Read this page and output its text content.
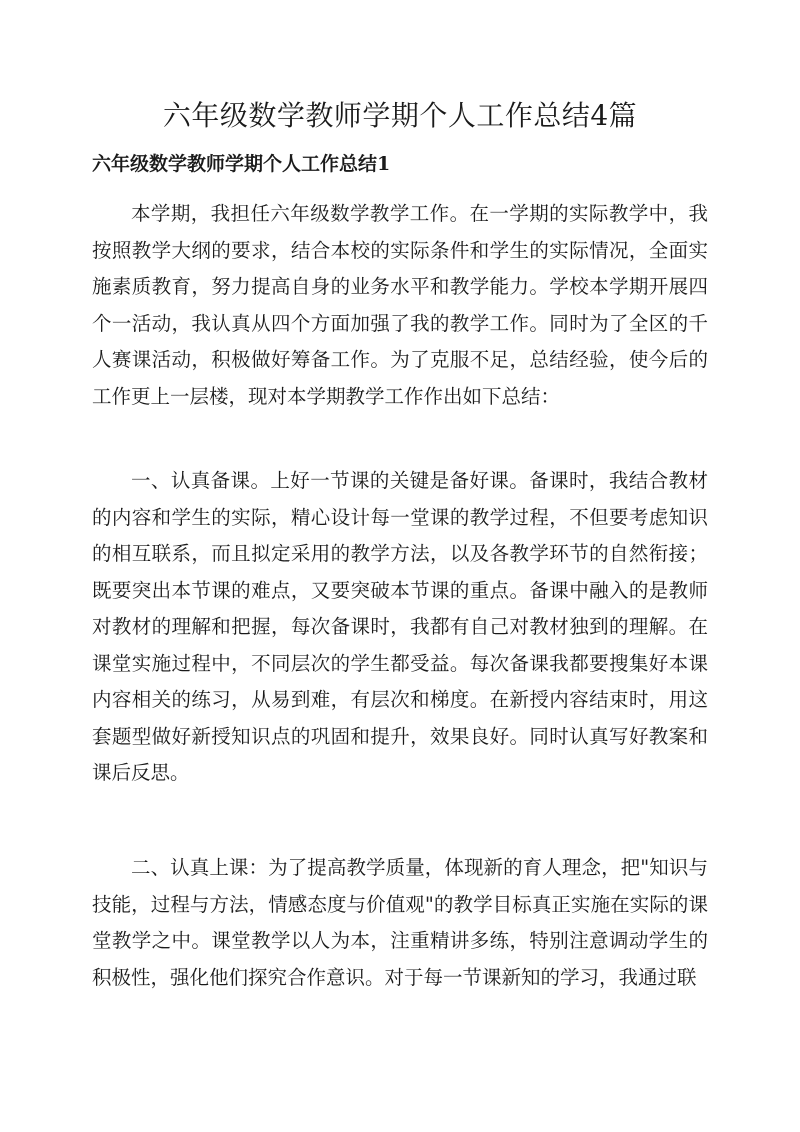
六年级数学教师学期个人工作总结4篇
六年级数学教师学期个人工作总结1

本学期，我担任六年级数学教学工作。在一学期的实际教学中，我按照教学大纲的要求，结合本校的实际条件和学生的实际情况，全面实施素质教育，努力提高自身的业务水平和教学能力。学校本学期开展四个一活动，我认真从四个方面加强了我的教学工作。同时为了全区的千人赛课活动，积极做好筹备工作。为了克服不足，总结经验，使今后的工作更上一层楼，现对本学期教学工作作出如下总结：

一、认真备课。上好一节课的关键是备好课。备课时，我结合教材的内容和学生的实际，精心设计每一堂课的教学过程，不但要考虑知识的相互联系，而且拟定采用的教学方法，以及各教学环节的自然衔接；既要突出本节课的难点，又要突破本节课的重点。备课中融入的是教师对教材的理解和把握，每次备课时，我都有自己对教材独到的理解。在课堂实施过程中，不同层次的学生都受益。每次备课我都要搜集好本课内容相关的练习，从易到难，有层次和梯度。在新授内容结束时，用这套题型做好新授知识点的巩固和提升，效果良好。同时认真写好教案和课后反思。

二、认真上课：为了提高教学质量，体现新的育人理念，把"知识与技能，过程与方法，情感态度与价值观"的教学目标真正实施在实际的课堂教学之中。课堂教学以人为本，注重精讲多练，特别注意调动学生的积极性，强化他们探究合作意识。对于每一节课新知的学习，我通过联
